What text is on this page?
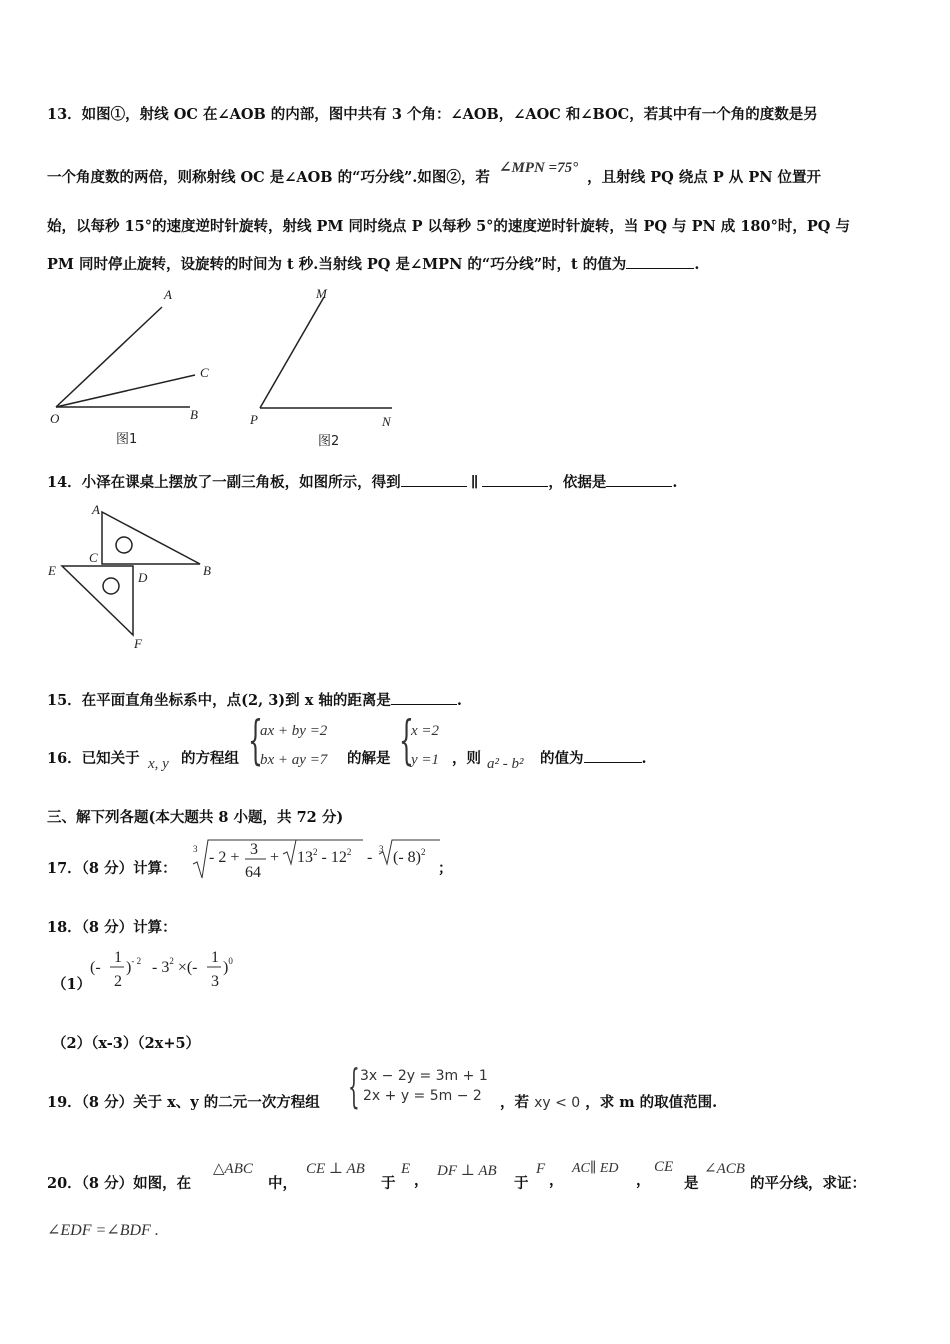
13．如图①，射线 OC 在∠AOB 的内部，图中共有 3 个角：∠AOB，∠AOC 和∠BOC，若其中有一个角的度数是另
一个角度数的两倍，则称射线 OC 是∠AOB 的“巧分线”.如图②，若 ∠MPN =75° ，且射线 PQ 绕点 P 从 PN 位置开
始，以每秒 15°的速度逆时针旋转，射线 PM 同时绕点 P 以每秒 5°的速度逆时针旋转，当 PQ 与 PN 成 180°时，PQ 与
PM 同时停止旋转，设旋转的时间为 t 秒.当射线 PQ 是∠MPN 的“巧分线”时，t 的值为	.
A
C
O	B
图1
M
P	N
图2
14．小泽在课桌上摆放了一副三角板，如图所示，得到	∥	，依据是	.
A
C
E	D	B
F
15．在平面直角坐标系中，点(2, 3)到 x 轴的距离是	.
16．已知关于 x, y 的方程组 {
ax + by =2
bx + ay =7 的解是 {
x =2
y =1 ，则 a² - b² 的值为	.
三、解下列各题(本大题共 8 小题，共 72 分)
17．（8 分）计算：
3 - 2 + 3
64
+ $13^2 - 12^2 - 3$ (- 8)$^2$
；
18．（8 分）计算：
（1）
(-
1
2
)$^{- 2} - 3^2$ ×(-
1
3
)$^0$
（2）（x-3）（2x+5）
19．（8 分）关于 x、y 的二元一次方程组 { 3x − 2y = 3m + 1
2x + y = 5m − 2 ，若 xy < 0 ，求 m 的取值范围.
20．（8 分）如图，在
△ABC
中，
CE ⊥ AB
于
E
，
DF ⊥ AB
于
F
，
AC∥ ED
，
CE
是
∠ACB
的平分线，求证：
∠EDF =∠BDF .
